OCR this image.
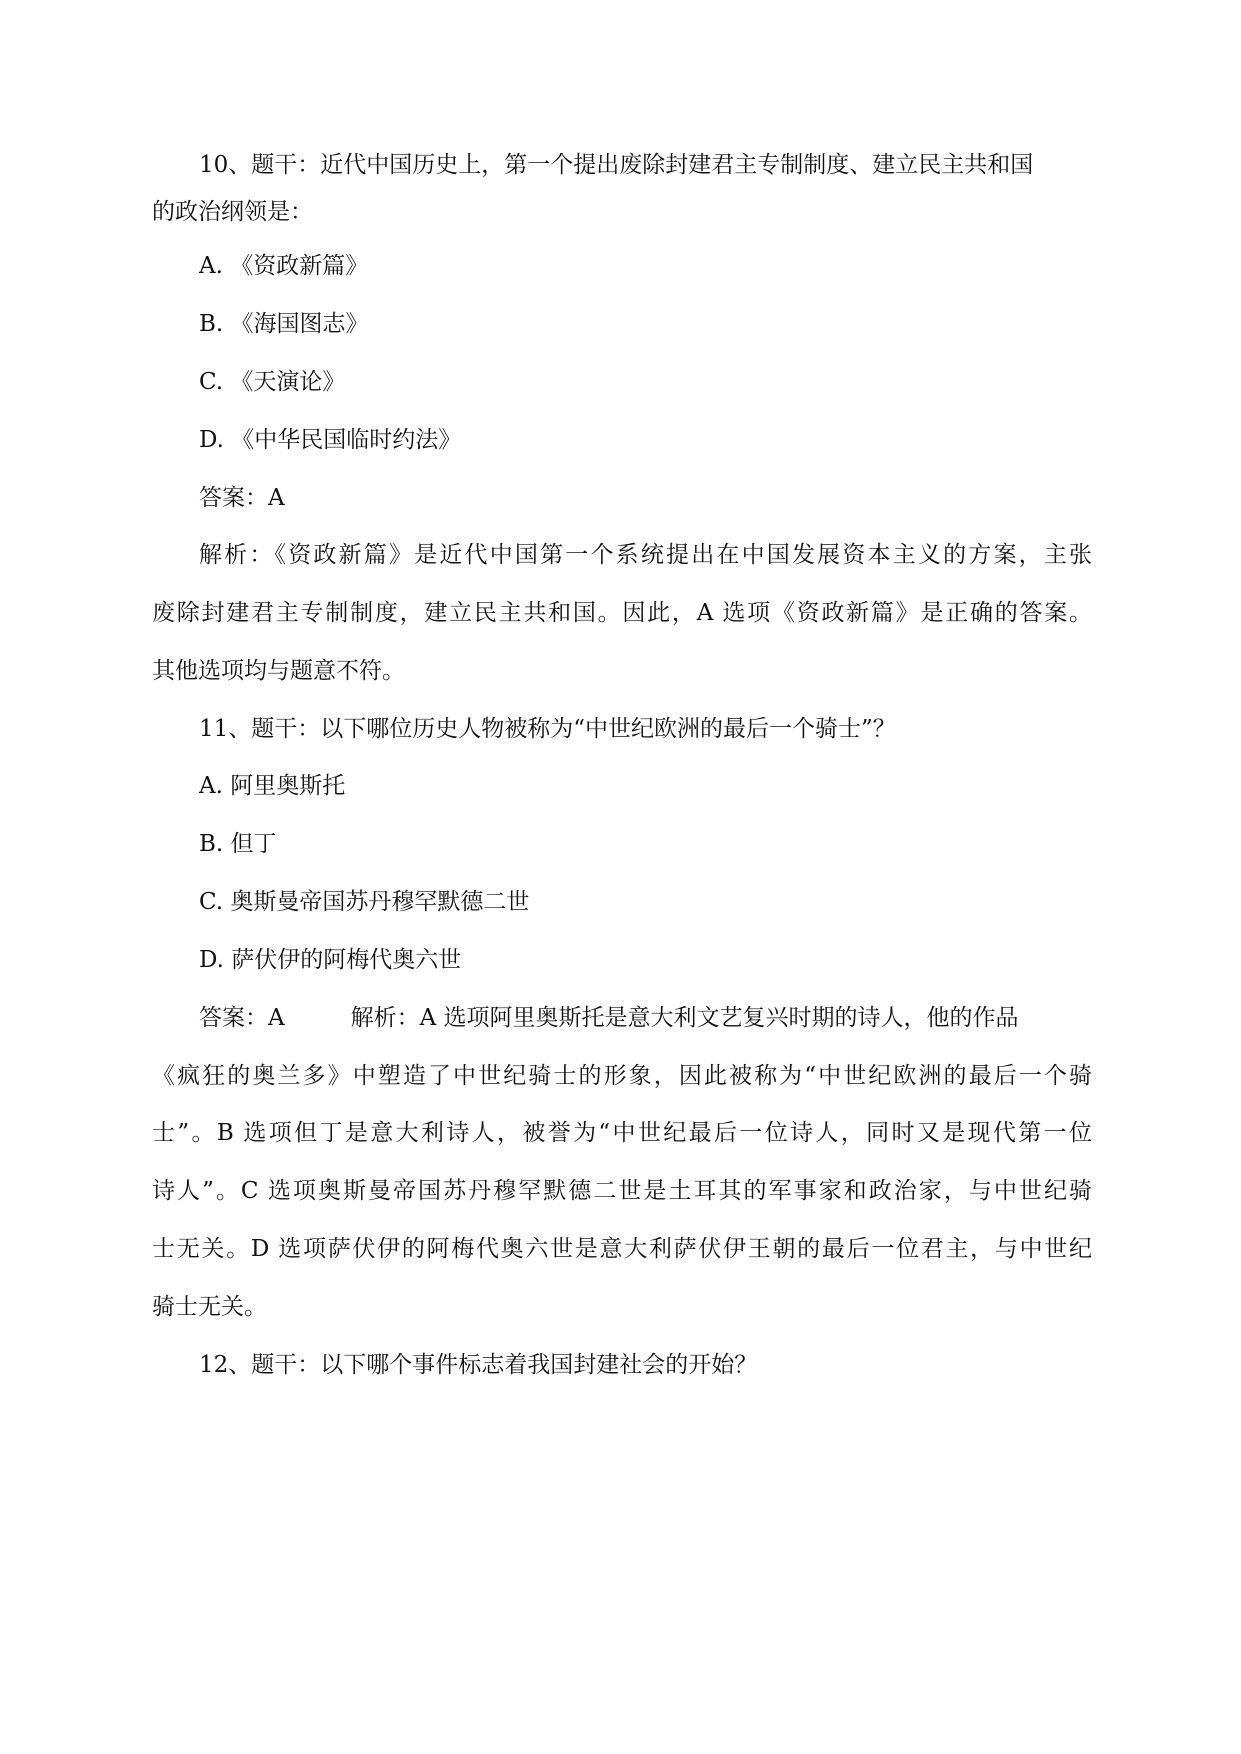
10、题干：近代中国历史上，第一个提出废除封建君主专制制度、建立民主共和国
的政治纲领是：
A. 《资政新篇》
B. 《海国图志》
C. 《天演论》
D. 《中华民国临时约法》
答案：A
解析：《资政新篇》是近代中国第一个系统提出在中国发展资本主义的方案，主张
废除封建君主专制制度，建立民主共和国。因此，A 选项《资政新篇》是正确的答案。
其他选项均与题意不符。
11、题干：以下哪位历史人物被称为“中世纪欧洲的最后一个骑士”？
A. 阿里奥斯托
B. 但丁
C. 奥斯曼帝国苏丹穆罕默德二世
D. 萨伏伊的阿梅代奥六世
答案：A	解析：A 选项阿里奥斯托是意大利文艺复兴时期的诗人，他的作品
《疯狂的奥兰多》中塑造了中世纪骑士的形象，因此被称为“中世纪欧洲的最后一个骑
士”。B 选项但丁是意大利诗人，被誉为“中世纪最后一位诗人，同时又是现代第一位
诗人”。C 选项奥斯曼帝国苏丹穆罕默德二世是土耳其的军事家和政治家，与中世纪骑
士无关。D 选项萨伏伊的阿梅代奥六世是意大利萨伏伊王朝的最后一位君主，与中世纪
骑士无关。
12、题干：以下哪个事件标志着我国封建社会的开始？
